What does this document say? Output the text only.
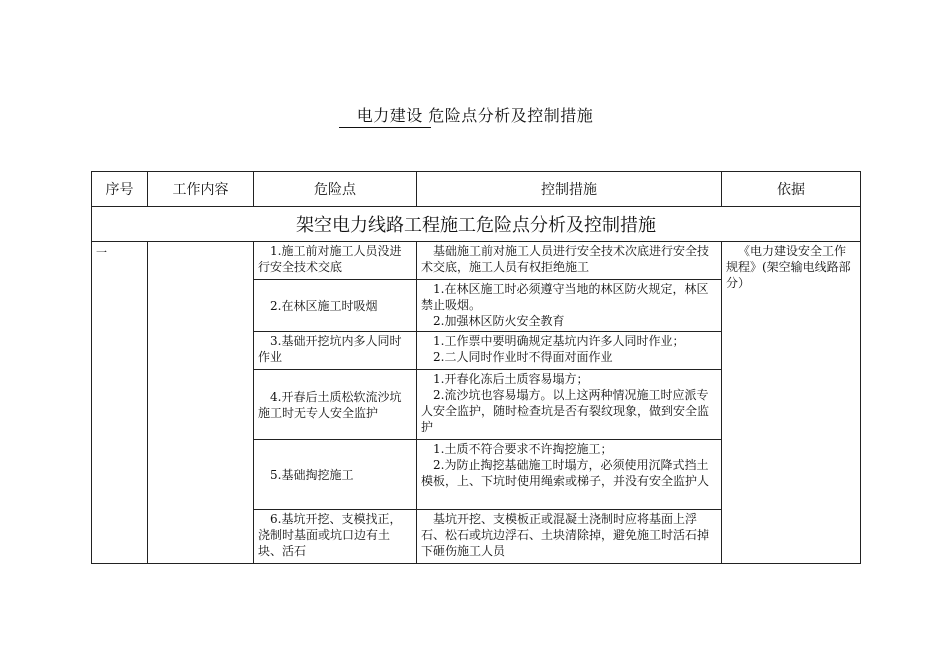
电力建设 危险点分析及控制措施
序号	工作内容	危险点	控制措施	依据
架空电力线路工程施工危险点分析及控制措施				
一		1.施工前对施工人员没进行安全技术交底	基础施工前对施工人员进行安全技术次底进行安全技术交底，施工人员有权拒绝施工	《电力建设安全工作规程》(架空输电线路部分）
		2.在林区施工时吸烟	1.在林区施工时必须遵守当地的林区防火规定，林区禁止吸烟。
2.加强林区防火安全教育	

		3.基础开挖坑内多人同时作业	1.工作票中要明确规定基坑内许多人同时作业；
2.二人同时作业时不得面对面作业	

		4.开春后土质松软流沙坑施工时无专人安全监护	1.开春化冻后土质容易塌方；
2.流沙坑也容易塌方。以上这两种情况施工时应派专人安全监护，随时检查坑是否有裂纹现象，做到安全监护	

		5.基础掏挖施工	1.土质不符合要求不许掏挖施工；
2.为防止掏挖基础施工时塌方，必须使用沉降式挡土模板，上、下坑时使用绳索或梯子，并没有安全监护人	

		6.基坑开挖、支模找正，浇制时基面或坑口边有土块、活石	基坑开挖、支模板正或混凝土浇制时应将基面上浮石、松石或坑边浮石、土块清除掉，避免施工时活石掉下砸伤施工人员	
